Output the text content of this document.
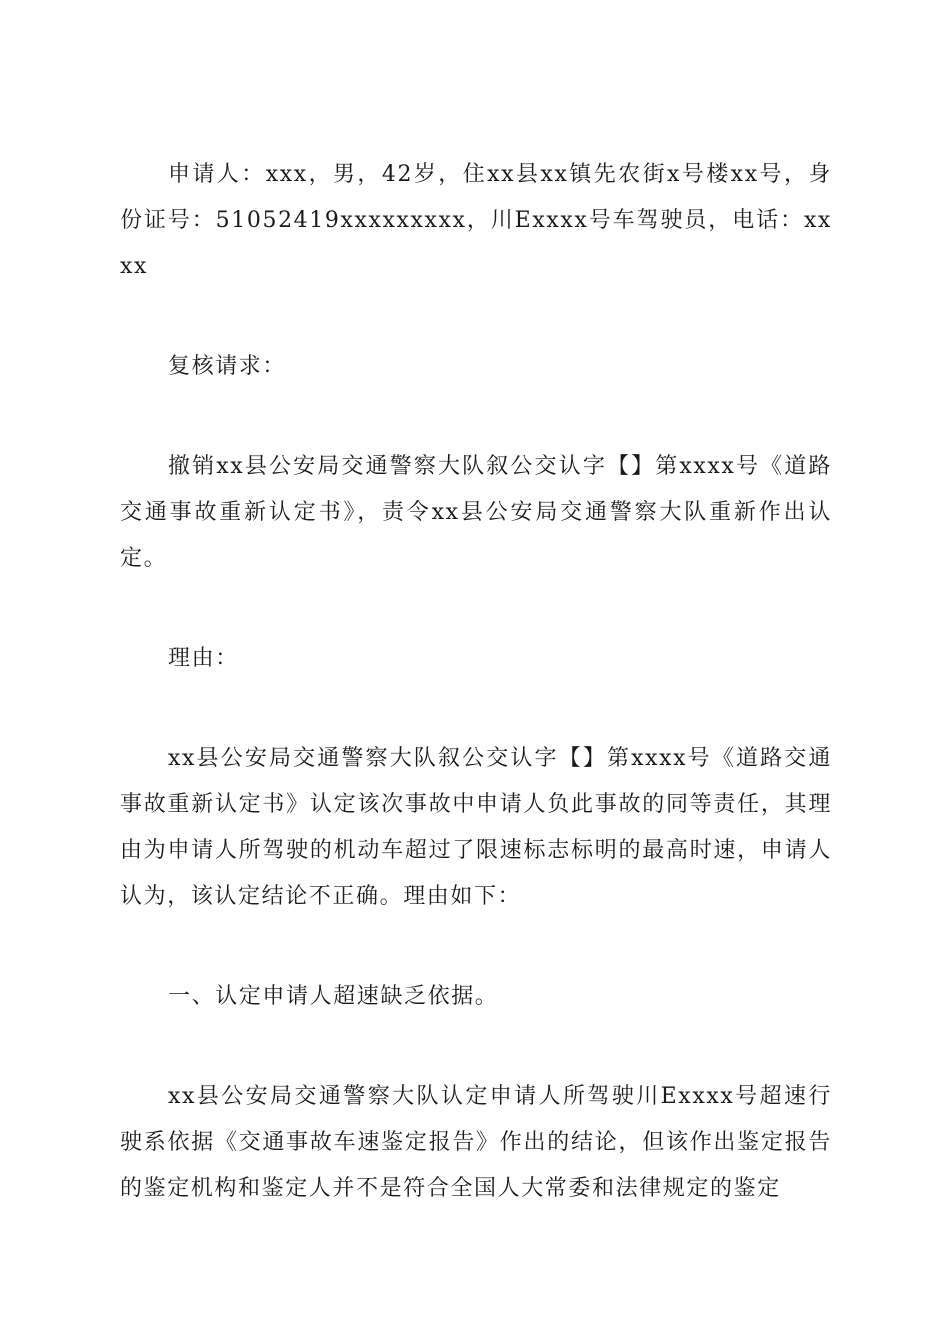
申请人：xxx，男，42岁，住xx县xx镇先农街x号楼xx号，身份证号：51052419xxxxxxxxx，川Exxxx号车驾驶员，电话：xxxx

复核请求：

撤销xx县公安局交通警察大队叙公交认字【】第xxxx号《道路交通事故重新认定书》，责令xx县公安局交通警察大队重新作出认定。

理由：

xx县公安局交通警察大队叙公交认字【】第xxxx号《道路交通事故重新认定书》认定该次事故中申请人负此事故的同等责任，其理由为申请人所驾驶的机动车超过了限速标志标明的最高时速，申请人认为，该认定结论不正确。理由如下：

一、认定申请人超速缺乏依据。

xx县公安局交通警察大队认定申请人所驾驶川Exxxx号超速行驶系依据《交通事故车速鉴定报告》作出的结论，但该作出鉴定报告的鉴定机构和鉴定人并不是符合全国人大常委和法律规定的鉴定
